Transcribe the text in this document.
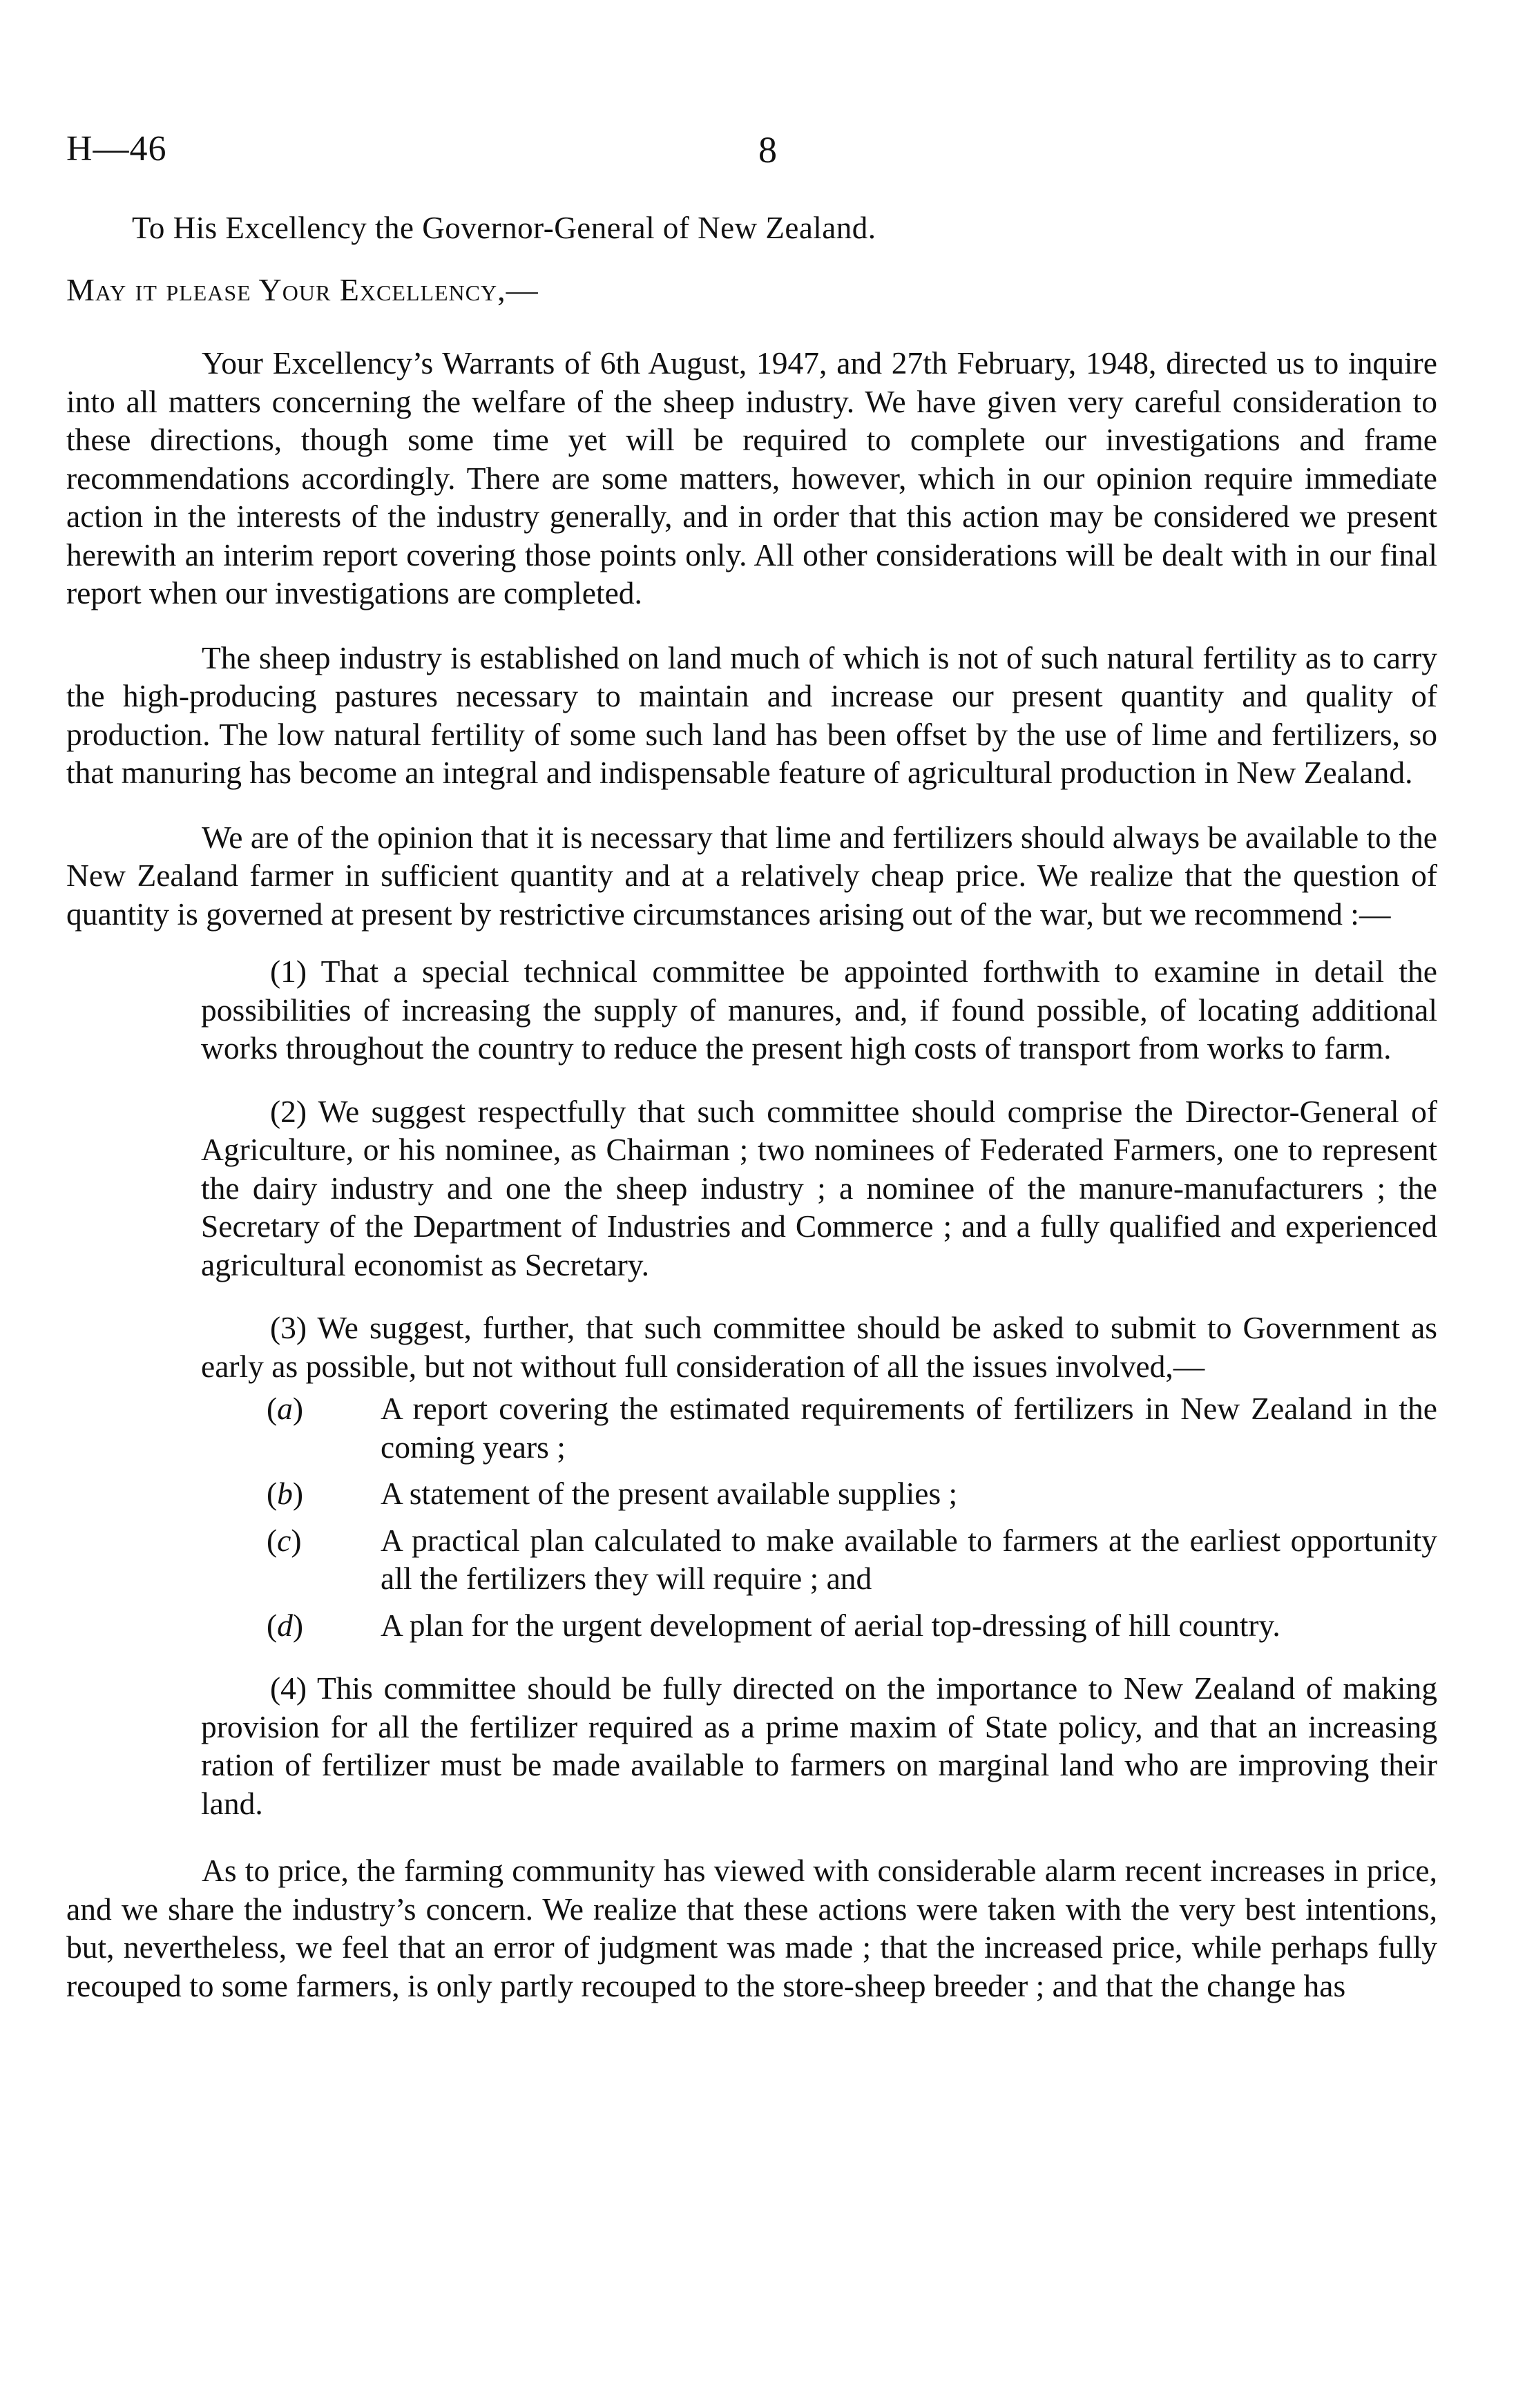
H—46	8
To His Excellency the Governor-General of New Zealand.
May it please Your Excellency,—

Your Excellency’s Warrants of 6th August, 1947, and 27th February, 1948, directed us to inquire into all matters concerning the welfare of the sheep industry. We have given very careful consideration to these directions, though some time yet will be required to complete our investigations and frame recommendations accordingly. There are some matters, however, which in our opinion require immediate action in the interests of the industry generally, and in order that this action may be considered we present herewith an interim report covering those points only. All other considerations will be dealt with in our final report when our investigations are completed.

The sheep industry is established on land much of which is not of such natural fertility as to carry the high-producing pastures necessary to maintain and increase our present quantity and quality of production. The low natural fertility of some such land has been offset by the use of lime and fertilizers, so that manuring has become an integral and indispensable feature of agricultural production in New Zealand.

We are of the opinion that it is necessary that lime and fertilizers should always be available to the New Zealand farmer in sufficient quantity and at a relatively cheap price. We realize that the question of quantity is governed at present by restrictive circumstances arising out of the war, but we recommend :—

(1) That a special technical committee be appointed forthwith to examine in detail the possibilities of increasing the supply of manures, and, if found possible, of locating additional works throughout the country to reduce the present high costs of transport from works to farm.
(2) We suggest respectfully that such committee should comprise the Director-General of Agriculture, or his nominee, as Chairman ; two nominees of Federated Farmers, one to represent the dairy industry and one the sheep industry ; a nominee of the manure-manufacturers ; the Secretary of the Department of Industries and Commerce ; and a fully qualified and experienced agricultural economist as Secretary.
(3) We suggest, further, that such committee should be asked to submit to Government as early as possible, but not without full consideration of all the issues involved,—
(a) A report covering the estimated requirements of fertilizers in New Zealand in the coming years ;
(b) A statement of the present available supplies ;
(c)	A practical plan calculated to make available to farmers at the earliest opportunity all the fertilizers they will require ; and
(d) A plan for the urgent development of aerial top-dressing of hill country.
(4) This committee should be fully directed on the importance to New Zealand of making provision for all the fertilizer required as a prime maxim of State policy, and that an increasing ration of fertilizer must be made available to farmers on marginal land who are improving their land.

As to price, the farming community has viewed with considerable alarm recent increases in price, and we share the industry’s concern. We realize that these actions were taken with the very best intentions, but, nevertheless, we feel that an error of judgment was made ; that the increased price, while perhaps fully recouped to some farmers, is only partly recouped to the store-sheep breeder ; and that the change has
